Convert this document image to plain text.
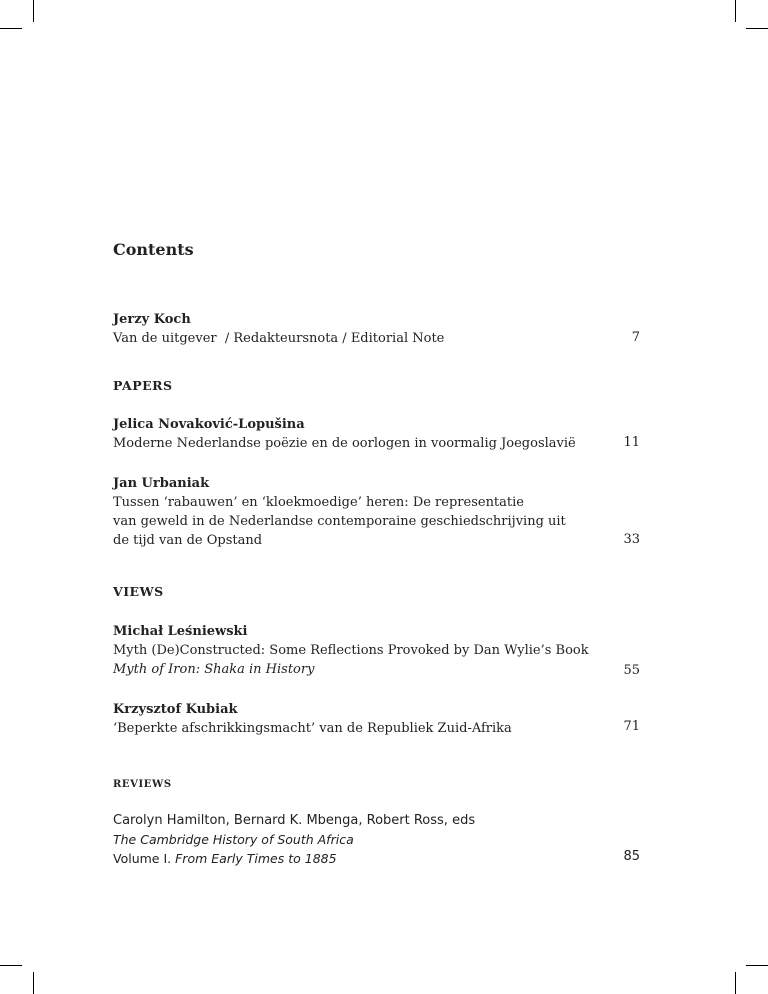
Contents
Jerzy Koch
Van de uitgever  / Redakteursnota / Editorial Note	7
PAPERS
Jelica Novaković-Lopušina
Moderne Nederlandse poëzie en de oorlogen in voormalig Joegoslavië	11
Jan Urbaniak
Tussen ‘rabauwen’ en ‘kloekmoedige’ heren: De representatie
van geweld in de Nederlandse contemporaine geschiedschrijving uit
de tijd van de Opstand	33
VIEWS
Michał Leśniewski
Myth (De)Constructed: Some Reflections Provoked by Dan Wylie’s Book
Myth of Iron: Shaka in History	55
Krzysztof Kubiak
‘Beperkte afschrikkingsmacht’ van de Republiek Zuid-Afrika	71
REVIEWS
Carolyn Hamilton, Bernard K. Mbenga, Robert Ross, eds
The Cambridge History of South Africa
Volume I. From Early Times to 1885	85
